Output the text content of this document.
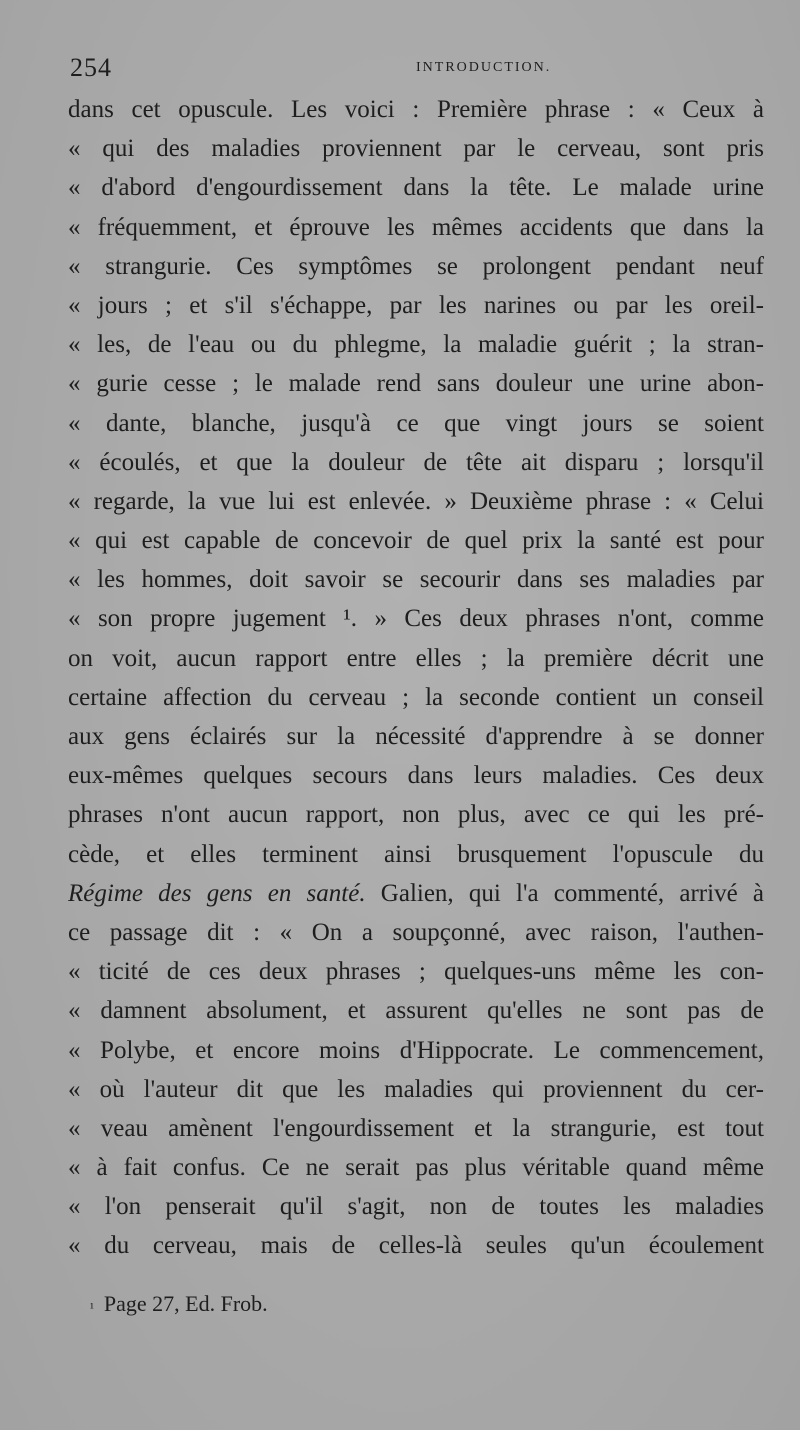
254	INTRODUCTION.
dans cet opuscule. Les voici : Première phrase : « Ceux à
« qui des maladies proviennent par le cerveau, sont pris
« d'abord d'engourdissement dans la tête. Le malade urine
« fréquemment, et éprouve les mêmes accidents que dans la
« strangurie. Ces symptômes se prolongent pendant neuf
« jours ; et s'il s'échappe, par les narines ou par les oreil-
« les, de l'eau ou du phlegme, la maladie guérit ; la stran-
« gurie cesse ; le malade rend sans douleur une urine abon-
« dante, blanche, jusqu'à ce que vingt jours se soient
« écoulés, et que la douleur de tête ait disparu ; lorsqu'il
« regarde, la vue lui est enlevée. » Deuxième phrase : « Celui
« qui est capable de concevoir de quel prix la santé est pour
« les hommes, doit savoir se secourir dans ses maladies par
« son propre jugement ¹. » Ces deux phrases n'ont, comme
on voit, aucun rapport entre elles ; la première décrit une
certaine affection du cerveau ; la seconde contient un conseil
aux gens éclairés sur la nécessité d'apprendre à se donner
eux-mêmes quelques secours dans leurs maladies. Ces deux
phrases n'ont aucun rapport, non plus, avec ce qui les pré-
cède, et elles terminent ainsi brusquement l'opuscule du
Régime des gens en santé. Galien, qui l'a commenté, arrivé à
ce passage dit : « On a soupçonné, avec raison, l'authen-
« ticité de ces deux phrases ; quelques-uns même les con-
« damnent absolument, et assurent qu'elles ne sont pas de
« Polybe, et encore moins d'Hippocrate. Le commencement,
« où l'auteur dit que les maladies qui proviennent du cer-
« veau amènent l'engourdissement et la strangurie, est tout
« à fait confus. Ce ne serait pas plus véritable quand même
« l'on penserait qu'il s'agit, non de toutes les maladies
« du cerveau, mais de celles-là seules qu'un écoulement
$^{^1}$ Page 27, Ed. Frob.
